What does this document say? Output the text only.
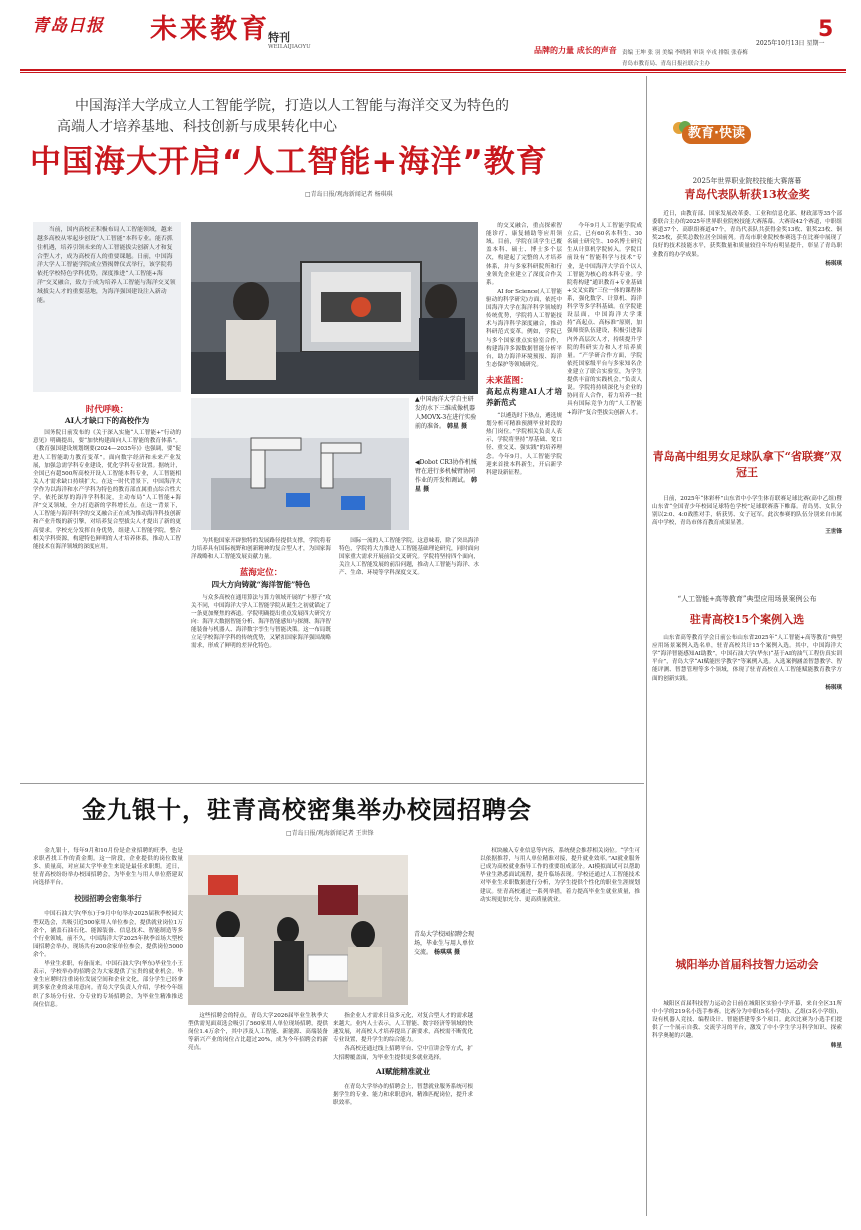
青岛日报 未来教育
特刊
WEILAIJIAOYU	品牌的力量 成长的声音
5
2025年10月13日 星期一
责编 王坤 张 羽 美编 李晓莉 审读 辛戎 排版 张春梅
青岛市教育局、青岛日报社联合主办
中国海洋大学成立人工智能学院，打造以人工智能与海洋交叉为特色的
高端人才培养基地、科技创新与成果转化中心
中国海大开启“人工智能+海洋”教育
□青岛日报/观海新闻记者 杨琪琪

当前，国内高校正积极布局人工智能领域，越来越多高校从零起步创设“人工智能”本科专业。能否抓住机遇，培养引领未来的人工智能拔尖创新人才和复合型人才，成为高校育人的重要课题。日前，中国海洋大学人工智能学院成立暨揭牌仪式举行，该学院将依托学校特色学科优势，深度推进“人工智能+海洋”交叉融合，致力于成为培养人工智能与海洋交叉领域拔尖人才的重要基地，为海洋强国建设注入新动能。

时代呼唤：
AI人才缺口下的高校作为

国务院日前发布的《关于深入实施“人工智能+”行动的意见》明确提出，要“加快构建面向人工智能的教育体系”。《教育强国建设规划纲要(2024—2035年)》也强调，要“促进人工智能助力教育变革”。面向数字经济和未来产业发展，加强急需学科专业建设，优化学科专业设置。据统计，全国已有超500所高校开设人工智能本科专业，人工智能相关人才需求缺口持续扩大。在这一时代背景下，中国海洋大学作为以海洋和水产学科为特色的教育部直属重点综合性大学，依托深厚的海洋学科积淀，主动布局“人工智能+海洋”交叉领域，全力打造新的学科增长点。在这一背景下，人工智能与海洋科学的交叉融合正在成为推动海洋科技创新和产业升级的新引擎，对培养复合型拔尖人才提出了新的更高要求。学校充分发挥自身优势，组建人工智能学院，整合相关学科资源，构建特色鲜明的人才培养体系，推动人工智能技术在海洋领域的深度应用。

▲中国海洋大学自主研发的水下三维成像机器人MOVX-3在进行实验前的准备。 韩星 摄
◀Dobot CR3协作机械臂在进行多机械臂协同作业的开发和调试。 韩星 摄

为其他国家开辟独特的发展路径提供支撑，学院将着力培养具有国际视野和创新精神的复合型人才，为国家海洋战略和人工智能发展贡献力量。

蓝海定位：
四大方向铸就“海洋智能”特色

与众多高校在通用算法与算力领域开展的“卡脖子”攻关不同，中国海洋大学人工智能学院从诞生之初就锚定了一条更加聚焦的赛道。学院明确提出重点发展四大研究方向：海洋大数据智能分析、海洋智能感知与探测、海洋智能装备与机器人、海洋数字孪生与智能决策。这一布局既立足学校海洋学科的传统优势，又紧扣国家海洋强国战略需求，形成了鲜明的差异化特色。

国际一流的人工智能学院。这意味着，除了突出海洋特色，学院将大力推进人工智能基础理论研究，同时面向国家重大需求开展前沿交叉研究。学院将坚持四个面向，关注人工智能发展的前沿问题，推动人工智能与海洋、水产、生命、环境等学科深度交叉。

的交叉融合，重点探索智能诊疗、康复辅助等应用领域。目前，学院在读学生已覆盖本科、硕士、博士多个层次，构建起了完整的人才培养体系，并与多家科研院所和行业领先企业建立了深度合作关系。

AI for Science(人工智能驱动的科学研究)方面，依托中国海洋大学在海洋科学领域的传统优势，学院将人工智能技术与海洋科学深度融合，推动科研范式变革。例如，学院已与多个国家重点实验室合作，构建海洋多源数据智能分析平台，助力海洋环境预报、海洋生态保护等领域研究。

未来蓝图：
高起点构建AI人才培养新范式

“以遴选时下热点，遴选规划分析可精准预测毕业时段的热门岗位。”学院相关负责人表示，学院将坚持“厚基础、宽口径、重交叉、强实践”的培养理念。今年9月，人工智能学院迎来首批本科新生，开启新学科建设新征程。

今年9月人工智能学院成立后，已有60名本科生、30名硕士研究生、10名博士研究生从计算机学院转入。学院目前设有“智能科学与技术”专业，是中国海洋大学首个以人工智能为核心的本科专业。学院将构建“通识教育+专业基础+交叉实践”三位一体的课程体系，强化数学、计算机、海洋科学等多学科基础。在学院建设层面，中国海洋大学秉持“高起点、高标准”原则，加强师资队伍建设，积极引进海内外高层次人才，持续提升学院的科研实力和人才培养质量。“产学研合作方面，学院依托国家级平台与多家知名企业建立了联合实验室，为学生提供丰富的实践机会。”负责人说。学院将持续深化与企业的协同育人合作，着力培养一批具有国际竞争力的“人工智能+海洋”复合型拔尖创新人才。

教育·快读
2025年世界职业院校技能大赛落幕
青岛代表队斩获13枚金奖

近日，由教育部、国家发展改革委、工业和信息化部、财政部等35个部委联合主办的2025年世界职业院校技能大赛落幕。大赛设42个赛道，中职组赛道37个、高职组赛道47个，青岛代表队共获得金奖13枚、银奖23枚、铜奖25枚，获奖总数位居全国前列。青岛市职业院校参赛选手在比赛中展现了良好的技术技能水平，获奖数量和质量较往年均有明显提升，彰显了青岛职业教育的办学成果。

杨琪琪
青岛高中组男女足球队拿下“省联赛”双冠王

日前，2025年“体彩杯”山东省中小学生体育联赛足球比赛(高中乙组)暨山东省“全国青少年校园足球特色学校”足球联赛落下帷幕。青岛男、女队分别以2:0、4:0战胜对手，斩获男、女子冠军。此次参赛的队伍分别来自市属高中学校，青岛市体育教育成果显著。

王世锋
“人工智能+高等教育”典型应用场景案例公布
驻青高校15个案例入选

山东省高等教育学会日前公布山东省2025年“人工智能+高等教育”典型应用场景案例入选名单，驻青高校共计15个案例入选。其中，中国海洋大学“海洋智能感知AI助教”，中国石油大学(华东)“基于AI的油气工程仿真实训平台”，青岛大学“AI赋能医学教学”等案例入选。入选案例涵盖智慧教学、智能评测、智慧管理等多个领域，体现了驻青高校在人工智能赋能教育教学方面的创新实践。

杨琪琪
城阳举办首届科技智力运动会

城阳区首届科技智力运动会日前在城阳区实验小学开幕，来自全区31所中小学的219名小选手参赛。比赛分为中职(5名小学组)、乙组(3名小学组)，设有机器人竞技、编程设计、智能搭建等多个项目。此次比赛为小选手们提供了一个展示自我、交流学习的平台，激发了中小学生学习科学知识、探索科学奥秘的兴趣。

韩星
金九银十，驻青高校密集举办校园招聘会
□青岛日报/观海新闻记者 王世锋

金九银十，每年9月和10月份是企业招聘的旺季，也是求职者找工作的黄金期。这一阶段，企业提供的岗位数量多、质量高，对应届大学毕业生来说是最佳求职期。近日，驻青高校纷纷举办校园招聘会，为毕业生与用人单位搭建双向选择平台。

校园招聘会密集举行

中国石油大学(华东)于9月中旬举办2025届秋季校园大型双选会，共吸引近500家用人单位参会，提供就业岗位1万余个，涵盖石油石化、能源装备、信息技术、智能制造等多个行业领域。前不久，中国海洋大学2025年秋季首场大型校园招聘会举办，现场共有200余家单位参会，提供岗位5000余个。

毕业生求职，有备而来。中国石油大学(华东)毕业生小王表示，学校举办的招聘会为大家提供了宝贵的就业机会。毕业生应聘时注重岗位发展空间和企业文化，部分学生已经拿到多家企业的录用意向。青岛大学负责人介绍，学校今年组织了多场分行业、分专业的专场招聘会，为毕业生精准推送岗位信息。

青岛大学校园招聘会现场，毕业生与用人单位交流。 杨琪琪 摄

这些招聘会的特点，青岛大学2026届毕业生秋季大型供需见面双选会吸引了560家用人单位现场招聘，提供岗位1.4万余个，其中涉及人工智能、新能源、高端装备等新兴产业的岗位占比超过20%，成为今年招聘会的新亮点。

指企业人才需求日益多元化，对复合型人才的需求越来越大。业内人士表示，人工智能、数字经济等领域的快速发展，对高校人才培养提出了新要求，高校需不断优化专业设置，提升学生的综合能力。

各高校还通过线上招聘平台、空中宣讲会等方式，扩大招聘覆盖面，为毕业生提供更多就业选择。

AI赋能精准就业

在青岛大学举办的招聘会上，智慧就业服务系统可根据学生的专业、能力和求职意向，精准匹配岗位，提升求职效率。

权块融入专业信息等内容，系统便会推荐相关岗位。“学生可以依据推荐，与用人单位精准对接，提升就业效率。”AI就业服务已成为高校就业指导工作的重要组成部分。AI模拟面试可以帮助毕业生熟悉面试流程，提升临场表现。学校还通过人工智能技术对毕业生求职数据进行分析，为学生提供个性化的职业生涯规划建议。驻青高校通过一系列举措，着力提高毕业生就业质量，推动实现更加充分、更高质量就业。
